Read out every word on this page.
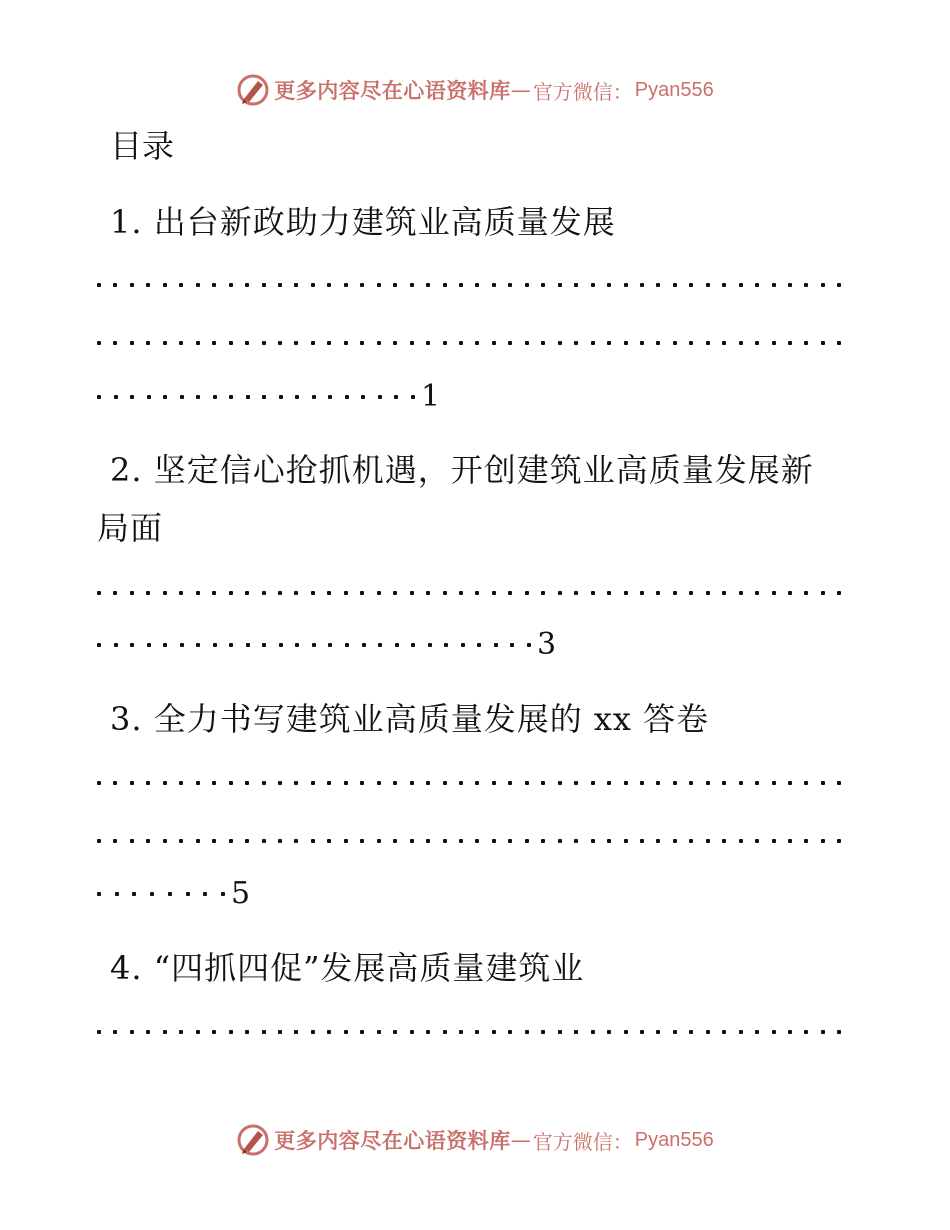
更多内容尽在心语资料库 — 官方微信： Pyan556
目录
1. 出台新政助力建筑业高质量发展
1
2. 坚定信心抢抓机遇，开创建筑业高质量发展新
局面
3
3. 全力书写建筑业高质量发展的 xx 答卷
5
4. “四抓四促”发展高质量建筑业
更多内容尽在心语资料库 — 官方微信： Pyan556
